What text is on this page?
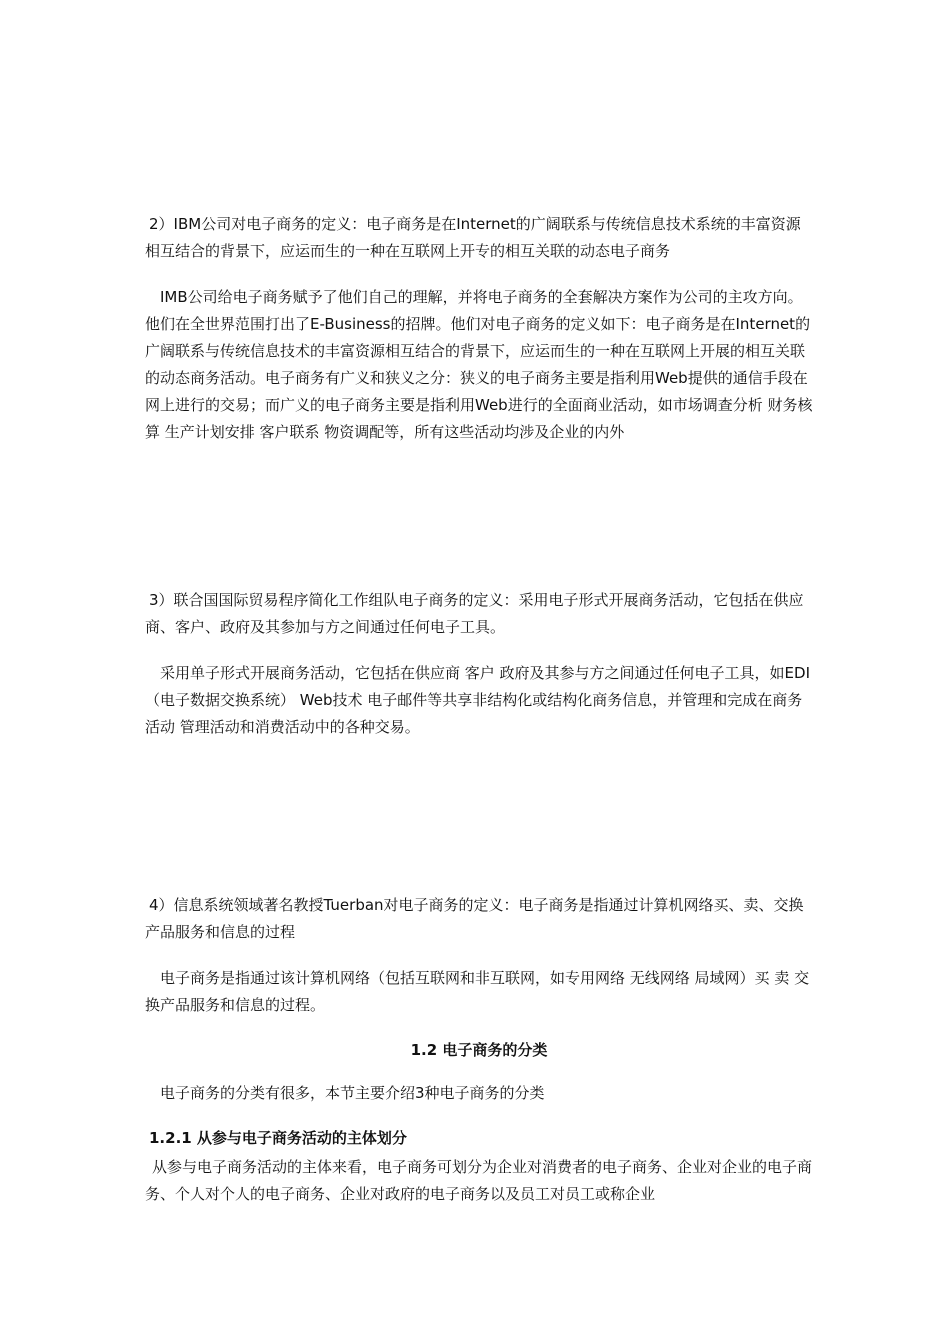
2）IBM公司对电子商务的定义：电子商务是在Internet的广阔联系与传统信息技术系统的丰富资源相互结合的背景下，应运而生的一种在互联网上开专的相互关联的动态电子商务

IMB公司给电子商务赋予了他们自己的理解，并将电子商务的全套解决方案作为公司的主攻方向。他们在全世界范围打出了E-Business的招牌。他们对电子商务的定义如下：电子商务是在Internet的广阔联系与传统信息技术的丰富资源相互结合的背景下，应运而生的一种在互联网上开展的相互关联的动态商务活动。电子商务有广义和狭义之分：狭义的电子商务主要是指利用Web提供的通信手段在网上进行的交易；而广义的电子商务主要是指利用Web进行的全面商业活动，如市场调查分析 财务核算 生产计划安排 客户联系 物资调配等，所有这些活动均涉及企业的内外

3）联合国国际贸易程序简化工作组队电子商务的定义：采用电子形式开展商务活动，它包括在供应商、客户、政府及其参加与方之间通过任何电子工具。

采用单子形式开展商务活动，它包括在供应商 客户 政府及其参与方之间通过任何电子工具，如EDI（电子数据交换系统） Web技术 电子邮件等共享非结构化或结构化商务信息，并管理和完成在商务活动 管理活动和消费活动中的各种交易。

4）信息系统领域著名教授Tuerban对电子商务的定义：电子商务是指通过计算机网络买、卖、交换产品服务和信息的过程

电子商务是指通过该计算机网络（包括互联网和非互联网，如专用网络 无线网络 局域网）买 卖 交换产品服务和信息的过程。

1.2 电子商务的分类

电子商务的分类有很多，本节主要介绍3种电子商务的分类

1.2.1 从参与电子商务活动的主体划分

从参与电子商务活动的主体来看，电子商务可划分为企业对消费者的电子商务、企业对企业的电子商务、个人对个人的电子商务、企业对政府的电子商务以及员工对员工或称企业
